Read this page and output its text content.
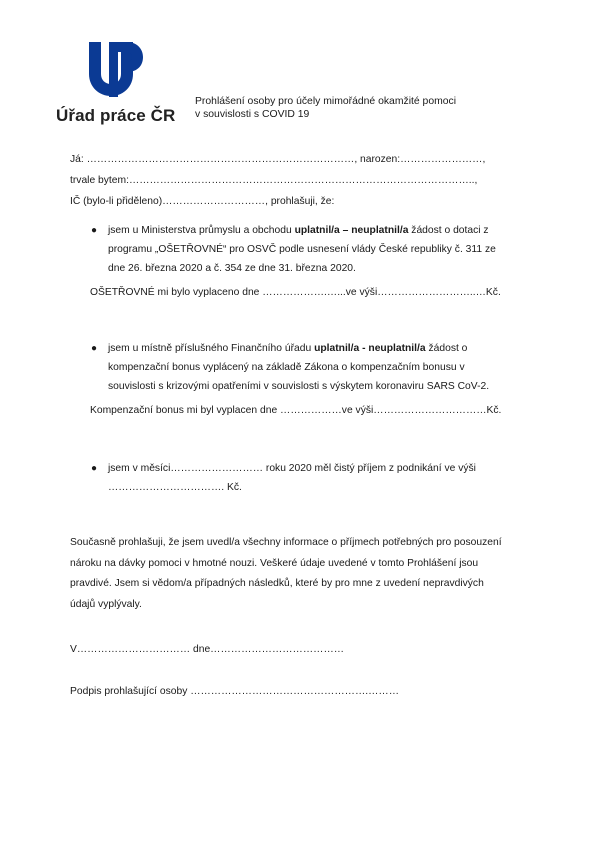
Úřad práce ČR
Prohlášení osoby pro účely mimořádné okamžité pomoci
v souvislosti s COVID 19
Já: ……………………………………………………………………, narozen:……………………,
trvale bytem:………………………………………………………………………………………..,
IČ (bylo-li přiděleno)…………………………, prohlašuji, že:
● jsem u Ministerstva průmyslu a obchodu uplatnil/a – neuplatnil/a žádost o dotaci z
programu „OŠETŘOVNÉ“ pro OSVČ podle usnesení vlády České republiky č. 311 ze
dne 26. března 2020 a č. 354 ze dne 31. března 2020.
OŠETŘOVNÉ mi bylo vyplaceno dne ……………….…...ve výši………………………..…Kč.
● jsem u místně příslušného Finančního úřadu uplatnil/a - neuplatnil/a žádost o
kompenzační bonus vyplácený na základě Zákona o kompenzačním bonusu v
souvislosti s krizovými opatřeními v souvislosti s výskytem koronaviru SARS CoV-2.
Kompenzační bonus mi byl vyplacen dne ………………ve výši……………………………Kč.
● jsem v měsíci……………………… roku 2020 měl čistý příjem z podnikání ve výši
……………………………. Kč.
Současně prohlašuji, že jsem uvedl/a všechny informace o příjmech potřebných pro posouzení
nároku na dávky pomoci v hmotné nouzi. Veškeré údaje uvedené v tomto Prohlášení jsou
pravdivé. Jsem si vědom/a případných následků, které by pro mne z uvedení nepravdivých
údajů vyplývaly.
V…………………………… dne…………………………………
Podpis prohlašující osoby …………………………………………….………
